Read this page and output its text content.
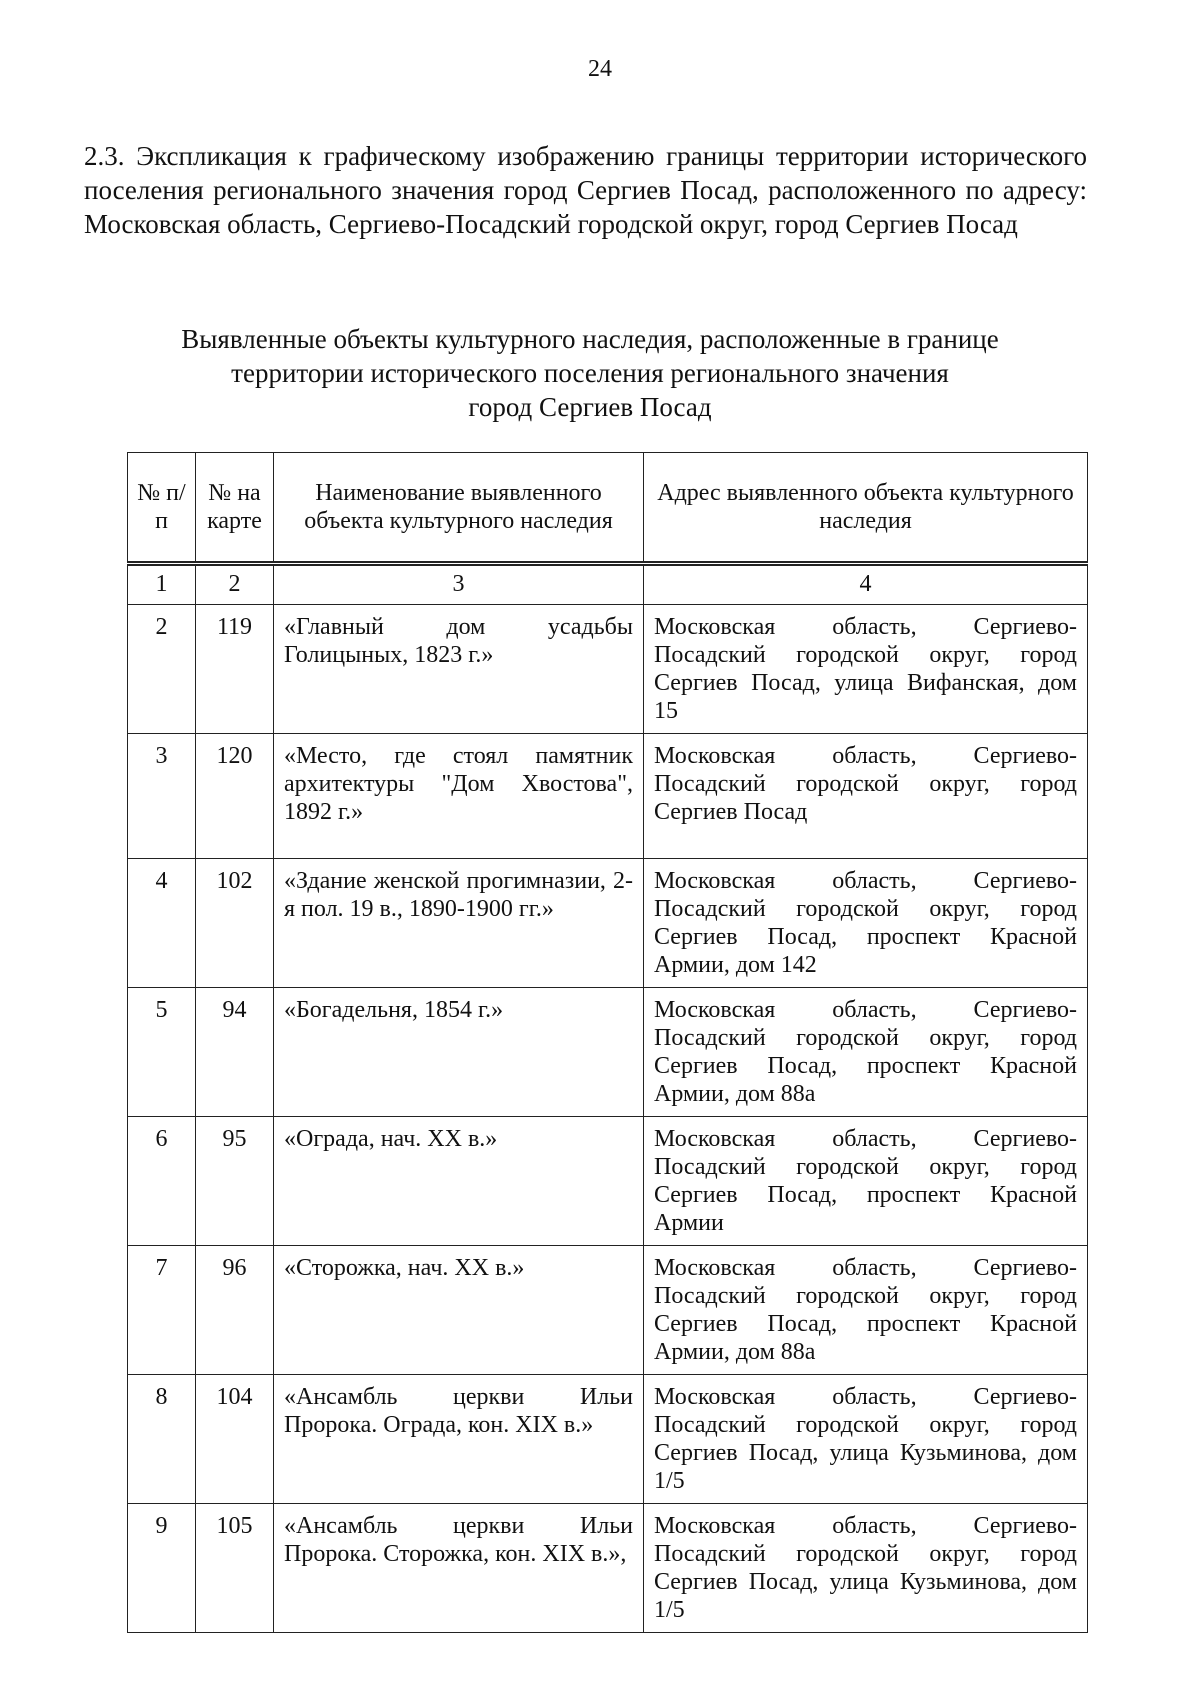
24

2.3. Экспликация к графическому изображению границы территории исторического поселения регионального значения город Сергиев Посад, расположенного по адресу: Московская область, Сергиево-Посадский городской округ, город Сергиев Посад

Выявленные объекты культурного наследия, расположенные в границе
территории исторического поселения регионального значения
город Сергиев Посад
№ п/п	№ на карте	Наименование выявленного объекта культурного наследия	Адрес выявленного объекта культурного наследия
1	2	3	4
2	119	«Главный дом усадьбы Голицыных, 1823 г.»	Московская область, Сергиево-Посадский городской округ, город Сергиев Посад, улица Вифанская, дом 15
3	120	«Место, где стоял памятник архитектуры "Дом Хвостова", 1892 г.»	Московская область, Сергиево-Посадский городской округ, город Сергиев Посад
4	102	«Здание женской прогимназии, 2-я пол. 19 в., 1890-1900 гг.»	Московская область, Сергиево-Посадский городской округ, город Сергиев Посад, проспект Красной Армии, дом 142
5	94	«Богадельня, 1854 г.»	Московская область, Сергиево-Посадский городской округ, город Сергиев Посад, проспект Красной Армии, дом 88а
6	95	«Ограда, нач. XX в.»	Московская область, Сергиево-Посадский городской округ, город Сергиев Посад, проспект Красной Армии
7	96	«Сторожка, нач. XX в.»	Московская область, Сергиево-Посадский городской округ, город Сергиев Посад, проспект Красной Армии, дом 88а
8	104	«Ансамбль церкви Ильи Пророка. Ограда, кон. XIX в.»	Московская область, Сергиево-Посадский городской округ, город Сергиев Посад, улица Кузьминова, дом 1/5
9	105	«Ансамбль церкви Ильи Пророка. Сторожка, кон. XIX в.»,	Московская область, Сергиево-Посадский городской округ, город Сергиев Посад, улица Кузьминова, дом 1/5
